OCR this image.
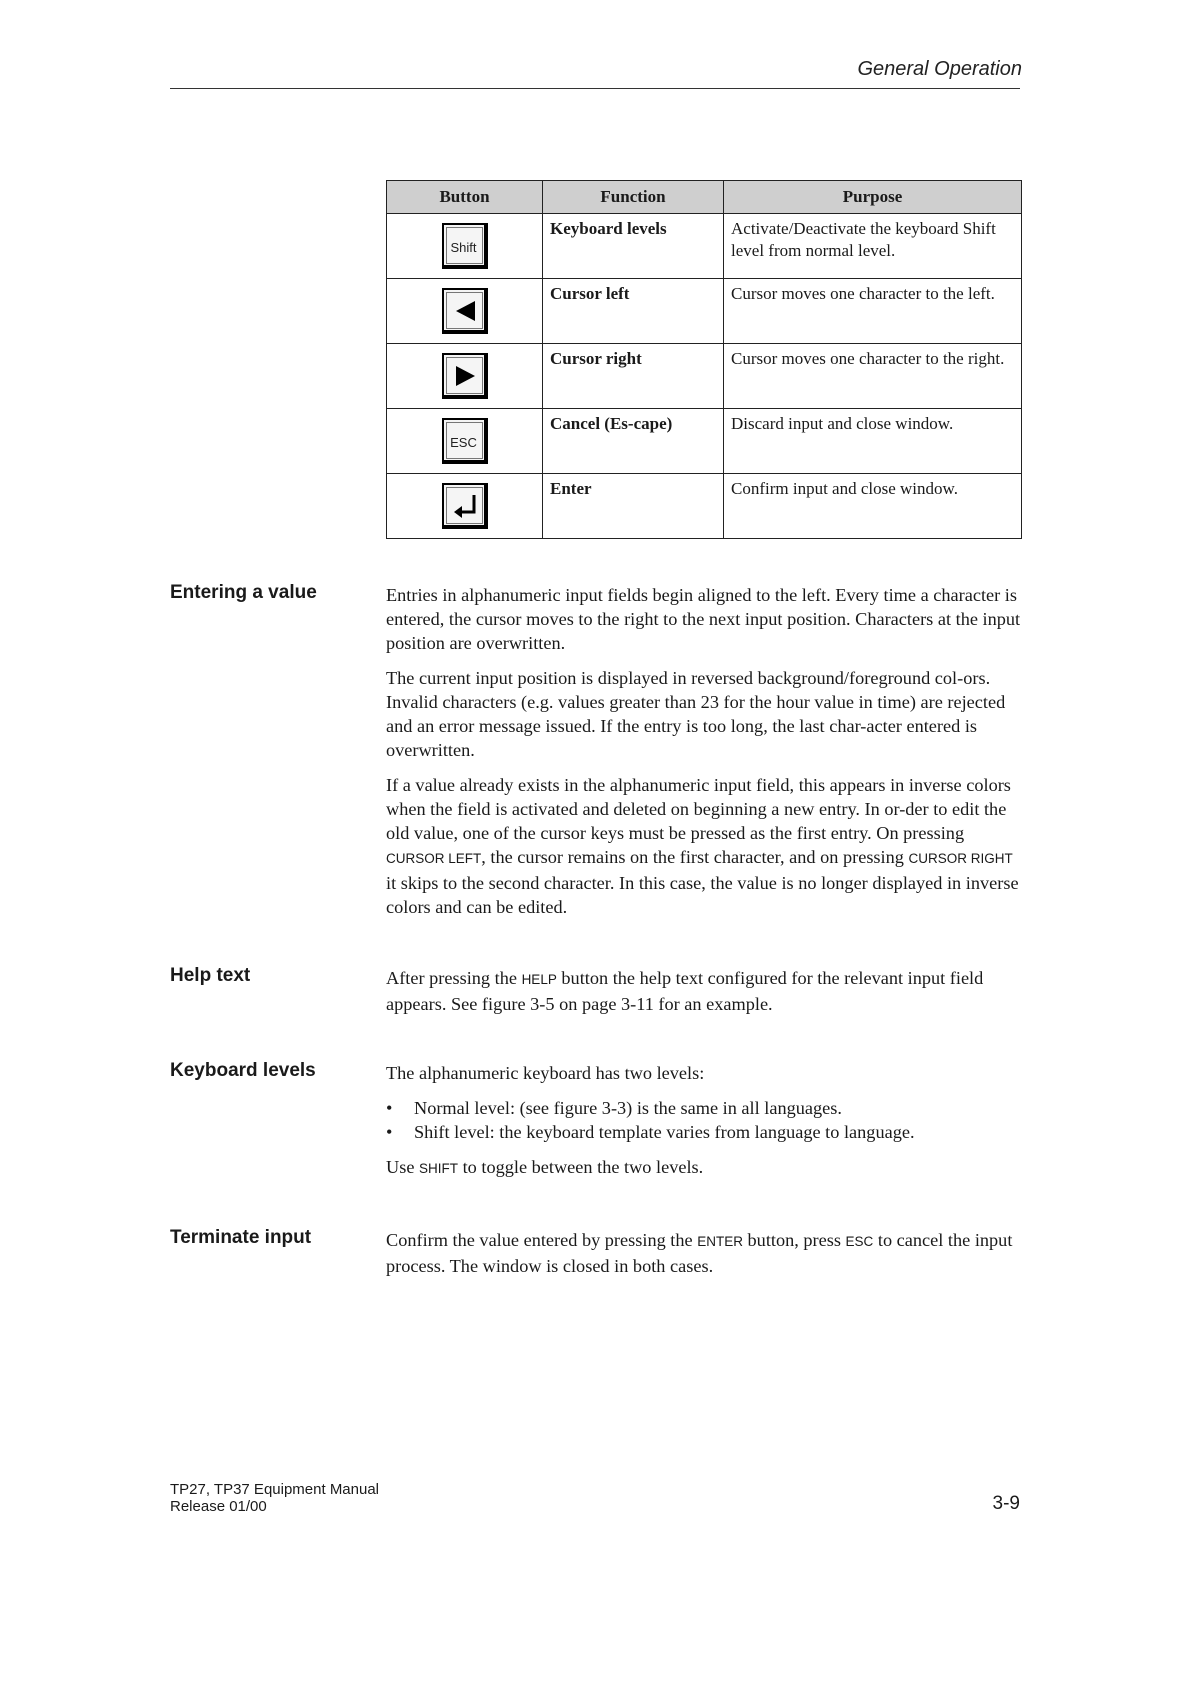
General Operation
Button	Function	Purpose

Shift	Keyboard levels	Activate/Deactivate the keyboard Shift level from normal level.

	Cursor left	Cursor moves one character to the left.

	Cursor right	Cursor moves one character to the right.

ESC	Cancel (Es-cape)	Discard input and close window.

	Enter	Confirm input and close window.
Entering a value	Entries in alphanumeric input fields begin aligned to the left. Every time a character is entered, the cursor moves to the right to the next input position. Characters at the input position are overwritten.

The current input position is displayed in reversed background/foreground col-ors. Invalid characters (e.g. values greater than 23 for the hour value in time) are rejected and an error message issued. If the entry is too long, the last char-acter entered is overwritten.

If a value already exists in the alphanumeric input field, this appears in inverse colors when the field is activated and deleted on beginning a new entry. In or-der to edit the old value, one of the cursor keys must be pressed as the first entry. On pressing CURSOR LEFT, the cursor remains on the first character, and on pressing CURSOR RIGHT it skips to the second character. In this case, the value is no longer displayed in inverse colors and can be edited.

Help text	After pressing the HELP button the help text configured for the relevant input field appears. See figure 3-5 on page 3-11 for an example.

Keyboard levels	The alphanumeric keyboard has two levels:

• Normal level: (see figure 3-3) is the same in all languages.
• Shift level: the keyboard template varies from language to language.

Use SHIFT to toggle between the two levels.

Terminate input	Confirm the value entered by pressing the ENTER button, press ESC to cancel the input process. The window is closed in both cases.

TP27, TP37 Equipment Manual
Release 01/00	3-9
